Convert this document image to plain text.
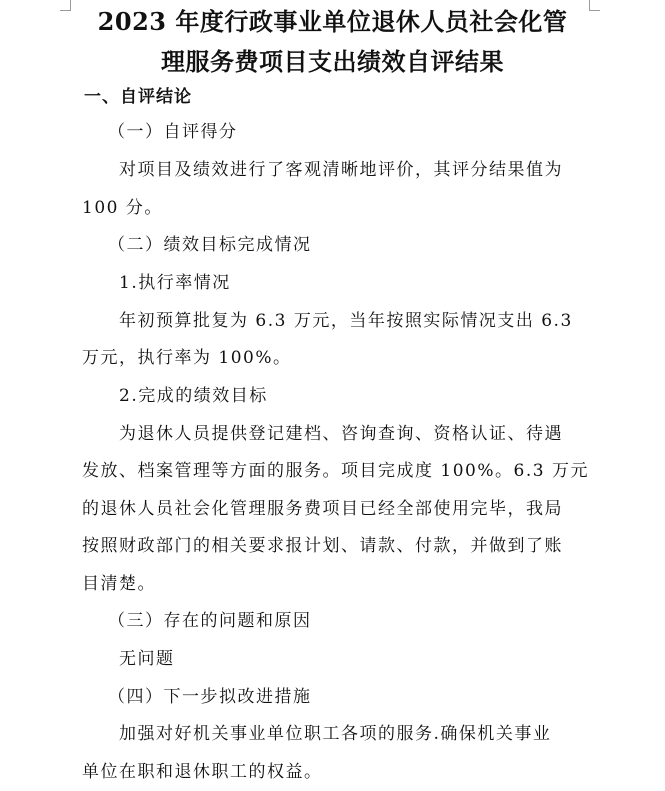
2023 年度行政事业单位退休人员社会化管
理服务费项目支出绩效自评结果

一、自评结论

（一）自评得分

对项目及绩效进行了客观清晰地评价，其评分结果值为

100 分。

（二）绩效目标完成情况

1.执行率情况

年初预算批复为 6.3 万元，当年按照实际情况支出 6.3

万元，执行率为 100%。

2.完成的绩效目标

为退休人员提供登记建档、咨询查询、资格认证、待遇

发放、档案管理等方面的服务。项目完成度 100%。6.3 万元

的退休人员社会化管理服务费项目已经全部使用完毕，我局

按照财政部门的相关要求报计划、请款、付款，并做到了账

目清楚。

（三）存在的问题和原因

无问题

（四）下一步拟改进措施

加强对好机关事业单位职工各项的服务.确保机关事业

单位在职和退休职工的权益。
